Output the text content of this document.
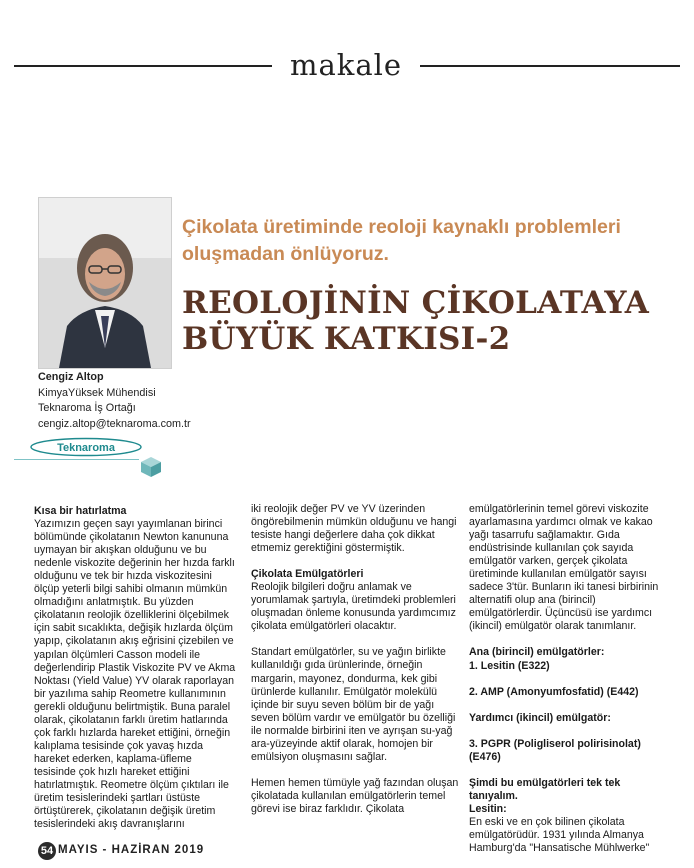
makale
Çikolata üretiminde reoloji kaynaklı problemleri
oluşmadan önlüyoruz.
REOLOJİNİN ÇİKOLATAYA
BÜYÜK KATKISI-2
Cengiz Altop
KimyaYüksek Mühendisi
Teknaroma İş Ortağı
cengiz.altop@teknaroma.com.tr
Teknaroma
Kısa bir hatırlatma

Yazımızın geçen sayı yayımlanan birinci bölümünde çikolatanın Newton kanununa uymayan bir akışkan olduğunu ve bu nedenle viskozite değerinin her hızda farklı olduğunu ve tek bir hızda viskozitesini ölçüp yeterli bilgi sahibi olmanın mümkün olmadığını anlatmıştık. Bu yüzden çikolatanın reolojik özelliklerini ölçebilmek için sabit sıcaklıkta, değişik hızlarda ölçüm yapıp, çikolatanın akış eğrisini çizebilen ve yapılan ölçümleri Casson modeli ile değerlendirip Plastik Viskozite PV ve Akma Noktası (Yield Value) YV olarak raporlayan bir yazılıma sahip Reometre kullanımının gerekli olduğunu belirtmiştik. Buna paralel olarak, çikolatanın farklı üretim hatlarında çok farklı hızlarda hareket ettiğini, örneğin kalıplama tesisinde çok yavaş hızda hareket ederken, kaplama-üfleme tesisinde çok hızlı hareket ettiğini hatırlatmıştık. Reometre ölçüm çıktıları ile üretim tesislerindeki şartları üstüste örtüştürerek, çikolatanın değişik üretim tesislerindeki akış davranışlarını

iki reolojik değer PV ve YV üzerinden öngörebilmenin mümkün olduğunu ve hangi tesiste hangi değerlere daha çok dikkat etmemiz gerektiğini göstermiştik.

Çikolata Emülgatörleri

Reolojik bilgileri doğru anlamak ve yorumlamak şartıyla, üretimdeki problemleri oluşmadan önleme konusunda yardımcımız çikolata emülgatörleri olacaktır.

Standart emülgatörler, su ve yağın birlikte kullanıldığı gıda ürünlerinde, örneğin margarin, mayonez, dondurma, kek gibi ürünlerde kullanılır. Emülgatör molekülü içinde bir suyu seven bölüm bir de yağı seven bölüm vardır ve emülgatör bu özelliği ile normalde birbirini iten ve ayrışan su-yağ ara-yüzeyinde aktif olarak, homojen bir emülsiyon oluşmasını sağlar.

Hemen hemen tümüyle yağ fazından oluşan çikolatada kullanılan emülgatörlerin temel görevi ise biraz farklıdır. Çikolata

emülgatörlerinin temel görevi viskozite ayarlamasına yardımcı olmak ve kakao yağı tasarrufu sağlamaktır. Gıda endüstrisinde kullanılan çok sayıda emülgatör varken, gerçek çikolata üretiminde kullanılan emülgatör sayısı sadece 3'tür. Bunların iki tanesi birbirinin alternatifi olup ana (birincil) emülgatörlerdir. Üçüncüsü ise yardımcı (ikincil) emülgatör olarak tanımlanır.

Ana (birincil) emülgatörler:

1. Lesitin (E322)

2. AMP (Amonyumfosfatid) (E442)

Yardımcı (ikincil) emülgatör:

3. PGPR (Poligliserol polirisinolat) (E476)

Şimdi bu emülgatörleri tek tek tanıyalım.
Lesitin:

En eski ve en çok bilinen çikolata emülgatörüdür. 1931 yılında Almanya Hamburg'da "Hansatische Mühlwerke"

54 MAYIS - HAZİRAN 2019
